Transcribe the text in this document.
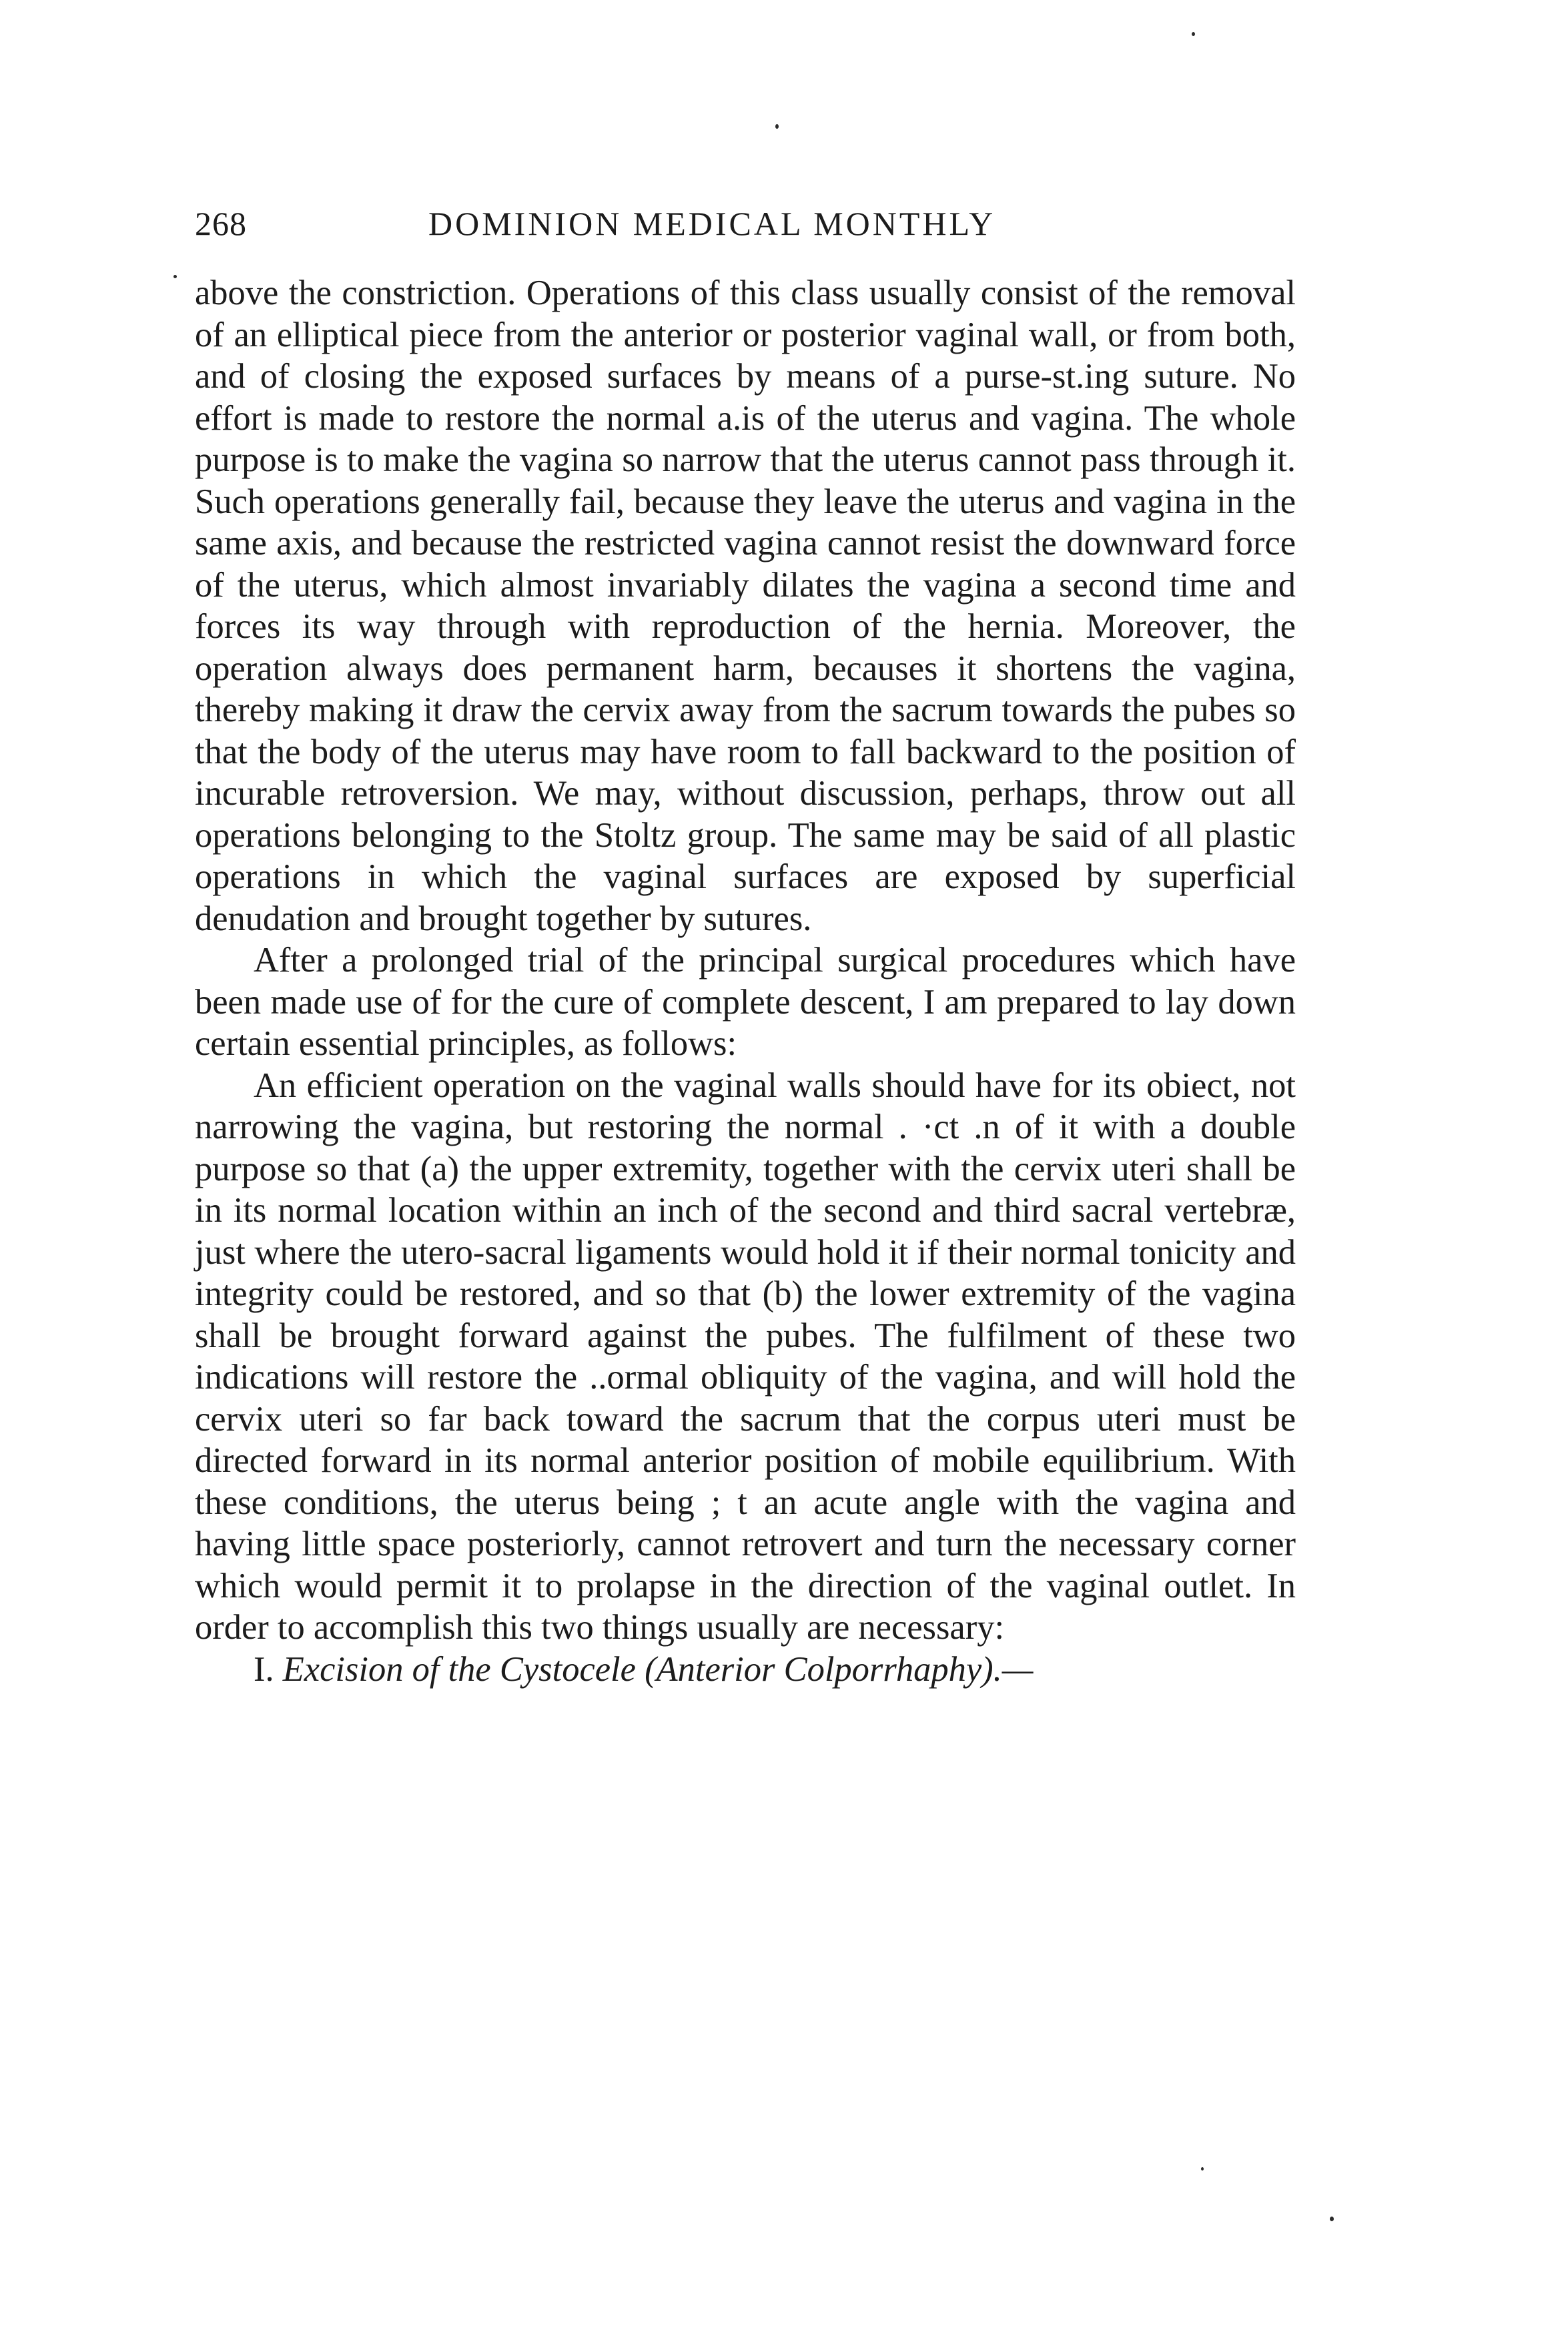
268	DOMINION MEDICAL MONTHLY

above the constriction. Operations of this class usually consist of the removal of an elliptical piece from the anterior or posterior vaginal wall, or from both, and of closing the exposed surfaces by means of a purse-st.ing suture. No effort is made to restore the normal a.is of the uterus and vagina. The whole purpose is to make the vagina so narrow that the uterus cannot pass through it. Such operations generally fail, because they leave the uterus and vagina in the same axis, and because the restricted vagina cannot resist the downward force of the uterus, which almost invariably dilates the vagina a second time and forces its way through with reproduction of the hernia. Moreover, the operation always does permanent harm, becauses it shortens the vagina, thereby making it draw the cervix away from the sacrum towards the pubes so that the body of the uterus may have room to fall backward to the position of incurable retroversion. We may, without discussion, perhaps, throw out all operations belonging to the Stoltz group. The same may be said of all plastic operations in which the vaginal surfaces are exposed by superficial denudation and brought together by sutures.

After a prolonged trial of the principal surgical procedures which have been made use of for the cure of complete descent, I am prepared to lay down certain essential principles, as follows:

An efficient operation on the vaginal walls should have for its obiect, not narrowing the vagina, but restoring the normal . ·ct .n of it with a double purpose so that (a) the upper extremity, together with the cervix uteri shall be in its normal location within an inch of the second and third sacral vertebræ, just where the utero-sacral ligaments would hold it if their normal tonicity and integrity could be restored, and so that (b) the lower extremity of the vagina shall be brought forward against the pubes. The fulfilment of these two indications will restore the ..ormal obliquity of the vagina, and will hold the cervix uteri so far back toward the sacrum that the corpus uteri must be directed forward in its normal anterior position of mobile equilibrium. With these conditions, the uterus being ; t an acute angle with the vagina and having little space posteriorly, cannot retrovert and turn the necessary corner which would permit it to prolapse in the direction of the vaginal outlet. In order to accomplish this two things usually are necessary:

I. Excision of the Cystocele (Anterior Colporrhaphy).—
